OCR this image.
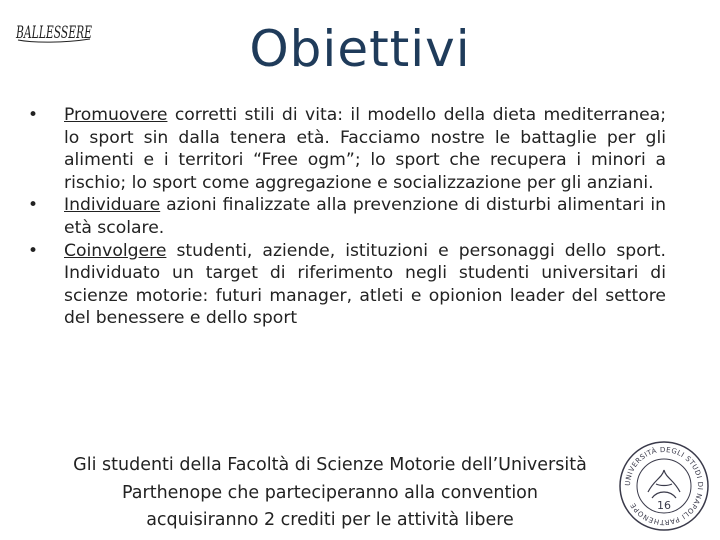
BALLESSERE	Obiettivi
•	Promuovere corretti stili di vita: il modello della dieta mediterranea; lo sport sin dalla tenera età. Facciamo nostre le battaglie per gli alimenti e i territori “Free ogm”; lo sport che recupera i minori a rischio; lo sport come aggregazione e socializzazione per gli anziani.
•	Individuare azioni finalizzate alla prevenzione di disturbi alimentari in età scolare.
•	Coinvolgere studenti, aziende, istituzioni e personaggi dello sport. Individuato un target di riferimento negli studenti universitari di scienze motorie: futuri manager, atleti e opionion leader del settore del benessere e dello sport
Gli studenti della Facoltà di Scienze Motorie dell’Università
Parthenope che parteciperanno alla convention
acquisiranno 2 crediti per le attività libere
UNIVERSITÀ DEGLI STUDI DI NAPOLI PARTHENOPE	16
